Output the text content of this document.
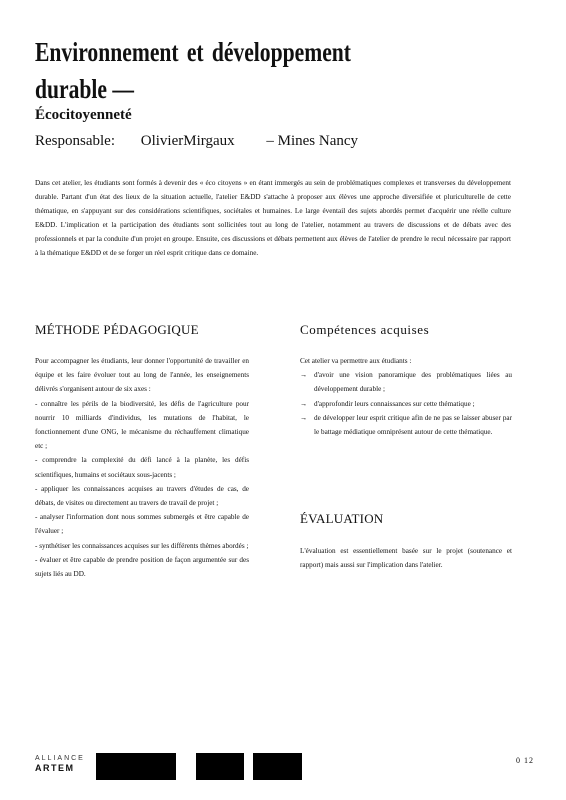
Environnement et développement
durable —
Écocitoyenneté
Responsable: OlivierMirgaux – Mines Nancy

Dans cet atelier, les étudiants sont formés à devenir des « éco citoyens » en étant immergés au sein de problématiques complexes et transverses du développement durable. Partant d'un état des lieux de la situation actuelle, l'atelier E&DD s'attache à proposer aux élèves une approche diversifiée et pluriculturelle de cette thématique, en s'appuyant sur des considérations scientifiques, sociétales et humaines. Le large éventail des sujets abordés permet d'acquérir une réelle culture E&DD. L'implication et la participation des étudiants sont sollicitées tout au long de l'atelier, notamment au travers de discussions et de débats avec des professionnels et par la conduite d'un projet en groupe. Ensuite, ces discussions et débats permettent aux élèves de l'atelier de prendre le recul nécessaire par rapport à la thématique E&DD et de se forger un réel esprit critique dans ce domaine.

MÉTHODE PÉDAGOGIQUE

Pour accompagner les étudiants, leur donner l'opportunité de travailler en équipe et les faire évoluer tout au long de l'année, les enseignements délivrés s'organisent autour de six axes :

- connaître les périls de la biodiversité, les défis de l'agriculture pour nourrir 10 milliards d'individus, les mutations de l'habitat, le fonctionnement d'une ONG, le mécanisme du réchauffement climatique etc ;

- comprendre la complexité du défi lancé à la planète, les défis scientifiques, humains et sociétaux sous-jacents ;

- appliquer les connaissances acquises au travers d'études de cas, de débats, de visites ou directement au travers de travail de projet ;

- analyser l'information dont nous sommes submergés et être capable de l'évaluer ;

- synthétiser les connaissances acquises sur les différents thèmes abordés ;

- évaluer et être capable de prendre position de façon argumentée sur des sujets liés au DD.

Compétences acquises

Cet atelier va permettre aux étudiants :

→ d'avoir une vision panoramique des problématiques liées au développement durable ;
→ d'approfondir leurs connaissances sur cette thématique ;
→ de développer leur esprit critique afin de ne pas se laisser abuser par le battage médiatique omniprésent autour de cette thématique.
ÉVALUATION

L'évaluation est essentiellement basée sur le projet (soutenance et rapport) mais aussi sur l'implication dans l'atelier.

ALLIANCE
ARTEM
0 12
